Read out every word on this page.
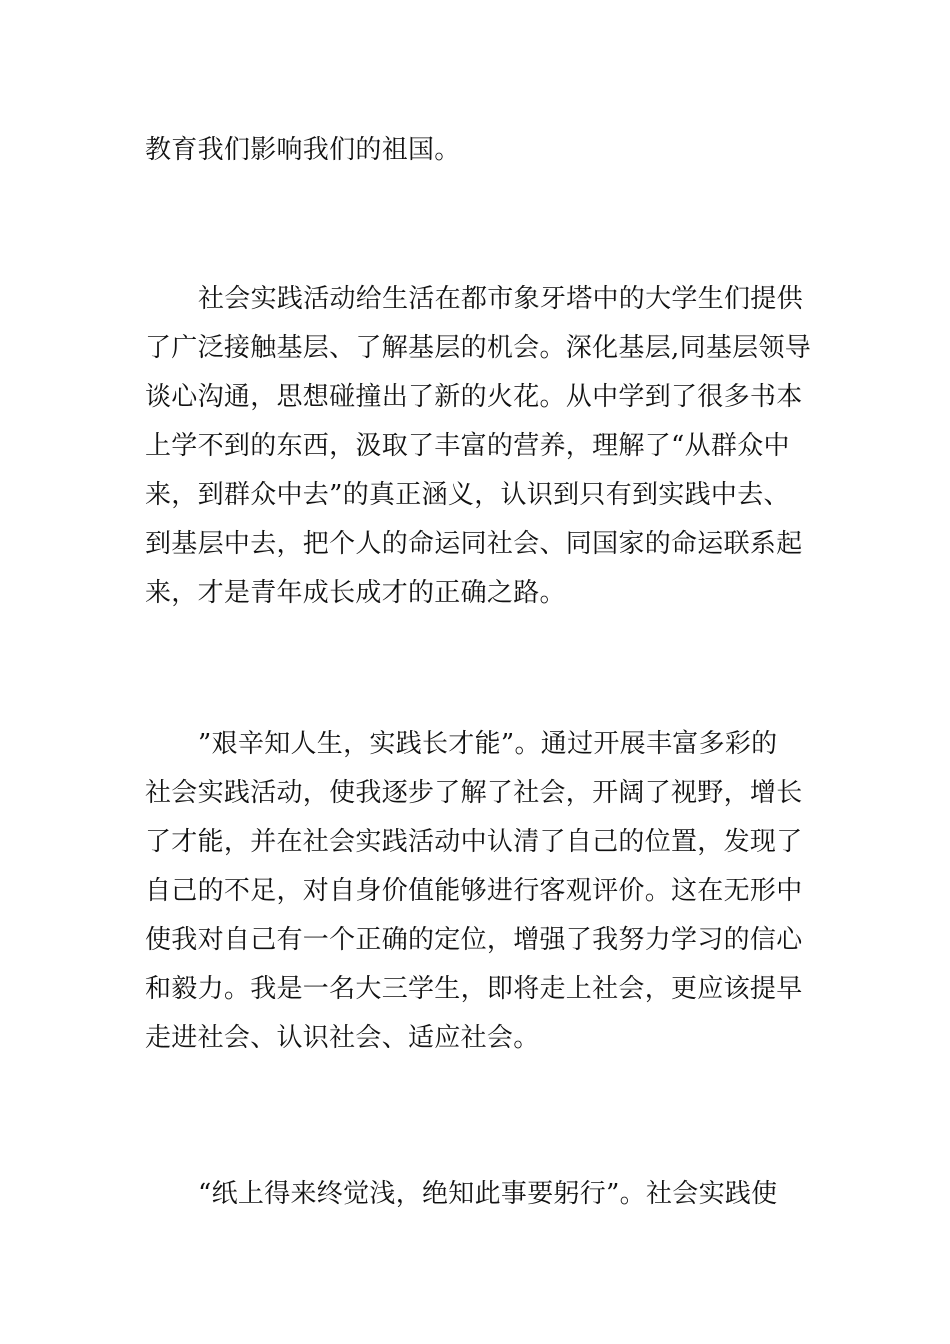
教育我们影响我们的祖国。
社会实践活动给生活在都市象牙塔中的大学生们提供
了广泛接触基层、了解基层的机会。深化基层,同基层领导
谈心沟通，思想碰撞出了新的火花。从中学到了很多书本
上学不到的东西，汲取了丰富的营养，理解了“从群众中
来，到群众中去”的真正涵义，认识到只有到实践中去、
到基层中去，把个人的命运同社会、同国家的命运联系起
来，才是青年成长成才的正确之路。
”艰辛知人生，实践长才能”。通过开展丰富多彩的
社会实践活动，使我逐步了解了社会，开阔了视野，增长
了才能，并在社会实践活动中认清了自己的位置，发现了
自己的不足，对自身价值能够进行客观评价。这在无形中
使我对自己有一个正确的定位，增强了我努力学习的信心
和毅力。我是一名大三学生，即将走上社会，更应该提早
走进社会、认识社会、适应社会。
“纸上得来终觉浅，绝知此事要躬行”。社会实践使
